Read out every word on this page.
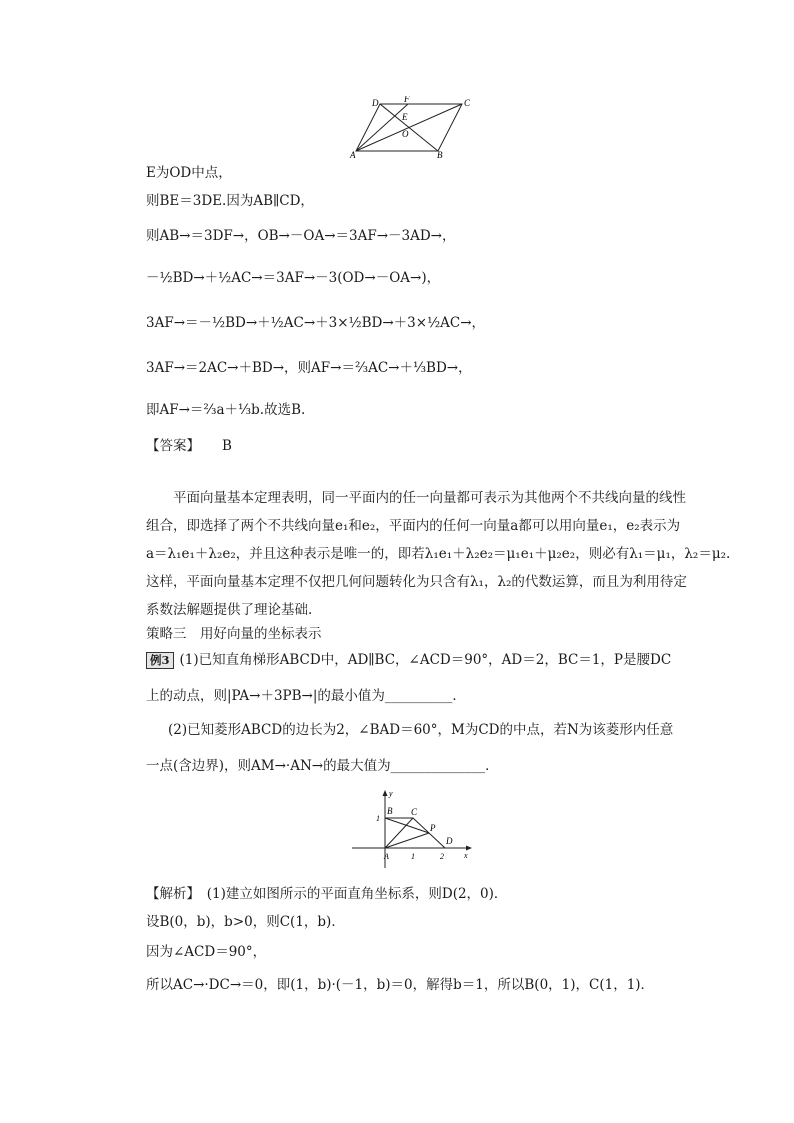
D	F	C
E
O
A	B
E为OD中点，
则BE＝3DE.因为AB∥CD，
则AB→＝3DF→，OB→－OA→＝3AF→－3AD→，
－½BD→＋½AC→＝3AF→－3(OD→－OA→)，
3AF→＝－½BD→＋½AC→＋3×½BD→＋3×½AC→，
3AF→＝2AC→＋BD→，则AF→＝⅔AC→＋⅓BD→，
即AF→＝⅔a＋⅓b.故选B.
【答案】 B
平面向量基本定理表明，同一平面内的任一向量都可表示为其他两个不共线向量的线性
组合，即选择了两个不共线向量e₁和e₂，平面内的任何一向量a都可以用向量e₁，e₂表示为
a＝λ₁e₁＋λ₂e₂，并且这种表示是唯一的，即若λ₁e₁＋λ₂e₂＝μ₁e₁＋μ₂e₂，则必有λ₁＝μ₁，λ₂＝μ₂.
这样，平面向量基本定理不仅把几何问题转化为只含有λ₁，λ₂的代数运算，而且为利用待定
系数法解题提供了理论基础.
策略三　用好向量的坐标表示
例3 (1)已知直角梯形ABCD中，AD∥BC，∠ACD＝90°，AD＝2，BC＝1，P是腰DC
上的动点，则|PA→＋3PB→|的最小值为__________．
(2)已知菱形ABCD的边长为2，∠BAD＝60°，M为CD的中点，若N为该菱形内任意
一点(含边界)，则AM→·AN→的最大值为______________．
B C
P
D
A
y
x
1
1	2
【解析】　(1)建立如图所示的平面直角坐标系，则D(2，0)．
设B(0，b)，b>0，则C(1，b)．
因为∠ACD＝90°，
所以AC→·DC→＝0，即(1，b)·(－1，b)＝0，解得b＝1，所以B(0，1)，C(1，1)．
